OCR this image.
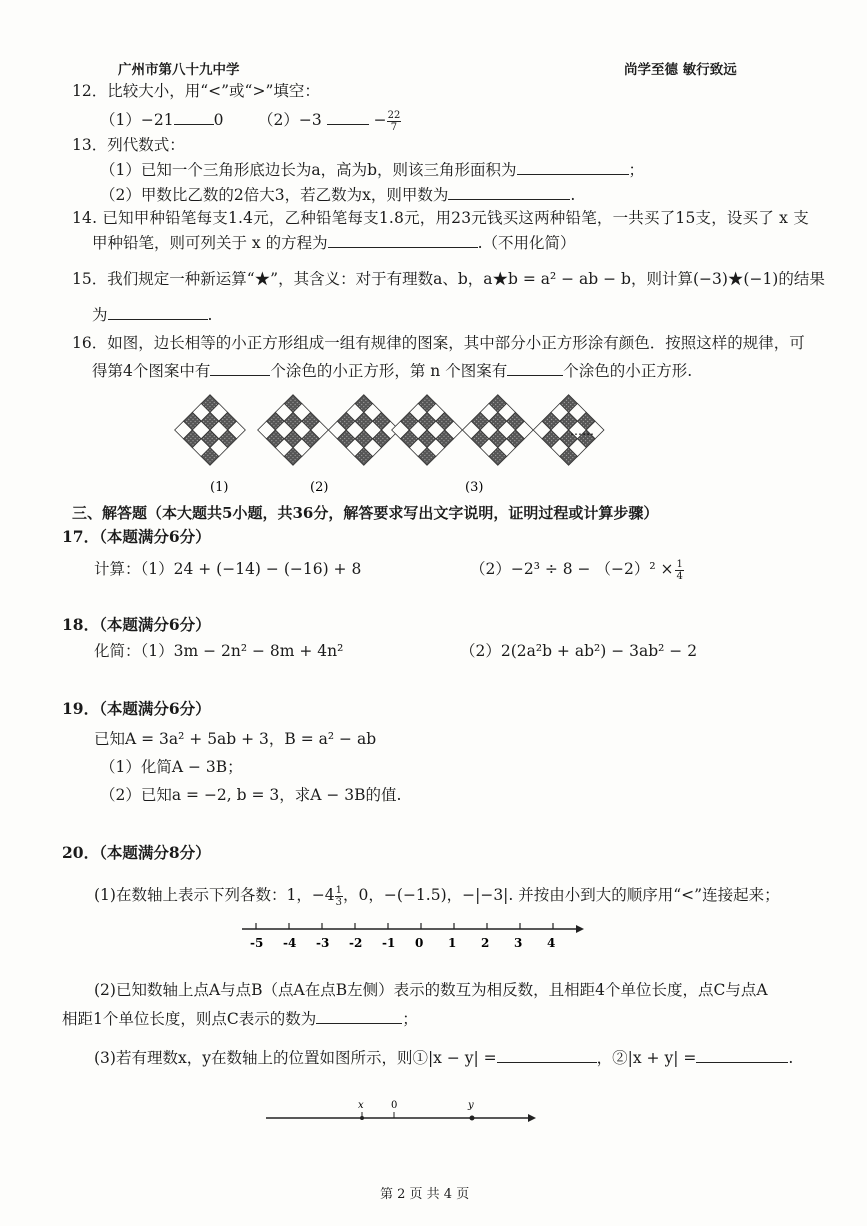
广州市第八十九中学	尚学至德 敏行致远
12．比较大小，用“<”或“>”填空：
（1）−21	0 （2）−3	− $\frac{22}{7}$
13．列代数式：
（1）已知一个三角形底边长为a，高为b，则该三角形面积为	；
（2）甲数比乙数的2倍大3，若乙数为x，则甲数为	.
14. 已知甲种铅笔每支1.4元，乙种铅笔每支1.8元，用23元钱买这两种铅笔，一共买了15支，设买了 x 支
甲种铅笔，则可列关于 x 的方程为	.（不用化简）
15．我们规定一种新运算“★”，其含义：对于有理数a、b，a★b = a² − ab − b，则计算(−3)★(−1)的结果
为	.
16．如图，边长相等的小正方形组成一组有规律的图案，其中部分小正方形涂有颜色．按照这样的规律，可
得第4个图案中有	个涂色的小正方形，第 n 个图案有	个涂色的小正方形.
(1)	(2)	(3)
……
三、解答题（本大题共5小题，共36分，解答要求写出文字说明，证明过程或计算步骤）
17．（本题满分6分）
计算：（1）24 + (−14) − (−16) + 8	$(2)-2^3 \div 8 - (-2)^2 \times \frac{1}{4}$
18．（本题满分6分）
化简：（1）3m − 2n² − 8m + 4n²	（2）2(2a²b + ab²) − 3ab² − 2
19．（本题满分6分）
已知A = 3a² + 5ab + 3，B = a² − ab
（1）化简A − 3B；
（2）已知a = −2, b = 3，求A − 3B的值.
20．（本题满分8分）
(1)在数轴上表示下列各数：1，$-4 \frac{1}{3}$ ，0，−(−1.5)，−|−3|. 并按由小到大的顺序用“<”连接起来；
-5 -4 -3 -2 -1 0 1 2 3 4
(2)已知数轴上点A与点B（点A在点B左侧）表示的数互为相反数，且相距4个单位长度，点C与点A
相距1个单位长度，则点C表示的数为	；
(3)若有理数x，y在数轴上的位置如图所示，则①|x − y| =	，②|x + y| =	.
x	0	y
第 2 页 共 4 页
